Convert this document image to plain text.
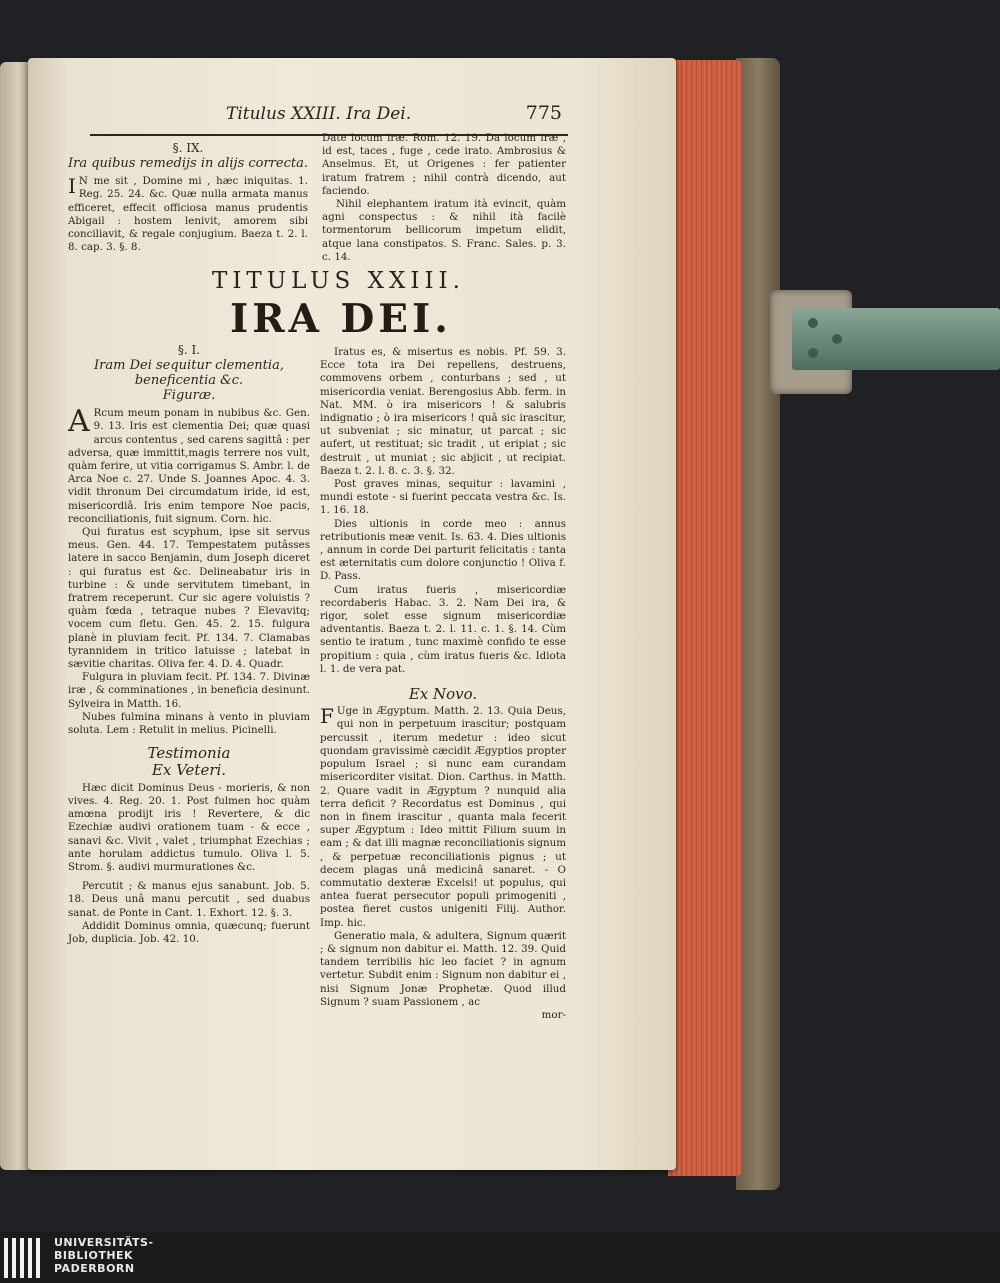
Titulus XXIII. Ira Dei.	775
§. IX.
Ira quibus remedijs in alijs correcta.

I N me sit , Domine mi , hæc iniquitas. 1. Reg. 25. 24. &c. Quæ nulla armata manus efficeret, effecit officiosa manus prudentis Abigail : hostem lenivit, amorem sibi conciliavit, & regale conjugium. Baeza t. 2. l. 8. cap. 3. §. 8.

Date locum iræ. Rom. 12. 19. Da locum iræ , id est, taces , fuge , cede irato. Ambrosius & Anselmus. Et, ut Origenes : fer patienter iratum fratrem ; nihil contrà dicendo, aut faciendo.

Nihil elephantem iratum ità evincit, quàm agni conspectus : & nihil ità facilè tormentorum bellicorum impetum elidit, atque lana constipatos. S. Franc. Sales. p. 3. c. 14.

TITULUS XXIII.
IRA DEI.
§. I.
Iram Dei sequitur clementia, beneficentia &c.
Figuræ.

A Rcum meum ponam in nubibus &c. Gen. 9. 13. Iris est clementia Dei; quæ quasi arcus contentus , sed carens sagittâ : per adversa, quæ immittit,magis terrere nos vult, quàm ferire, ut vitia corrigamus S. Ambr. l. de Arca Noe c. 27. Unde S. Joannes Apoc. 4. 3. vidit thronum Dei circumdatum iride, id est, misericordiâ. Iris enim tempore Noe pacis, reconciliationis, fuit signum. Corn. hic.

Qui furatus est scyphum, ipse sit servus meus. Gen. 44. 17. Tempestatem putâsses latere in sacco Benjamin, dum Joseph diceret : qui furatus est &c. Delineabatur iris in turbine : & unde servitutem timebant, in fratrem receperunt. Cur sic agere voluistis ? quàm fœda , tetraque nubes ? Elevavitq; vocem cum fletu. Gen. 45. 2. 15. fulgura planè in pluviam fecit. Pf. 134. 7. Clamabas tyrannidem in tritico latuisse ; latebat in sævitie charitas. Oliva fer. 4. D. 4. Quadr.

Fulgura in pluviam fecit. Pf. 134. 7. Divinæ iræ , & comminationes , in beneficia desinunt. Sylveira in Matth. 16.

Nubes fulmina minans à vento in pluviam soluta. Lem : Retulit in melius. Picinelli.

Testimonia
Ex Veteri.

Hæc dicit Dominus Deus - morieris, & non vives. 4. Reg. 20. 1. Post fulmen hoc quàm amœna prodijt iris ! Revertere, & dic Ezechiæ audivi orationem tuam - & ecce , sanavi &c. Vivit , valet , triumphat Ezechias ; ante horulam addictus tumulo. Oliva l. 5. Strom. §. audivi murmurationes &c.

Percutit ; & manus ejus sanabunt. Job. 5. 18. Deus unâ manu percutit , sed duabus sanat. de Ponte in Cant. 1. Exhort. 12. §. 3.

Addidit Dominus omnia, quæcunq; fuerunt Job, duplicia. Job. 42. 10.

Iratus es, & misertus es nobis. Pf. 59. 3. Ecce tota ira Dei repellens, destruens, commovens orbem , conturbans ; sed , ut misericordia veniat. Berengosius Abb. ferm. in Nat. MM. ò ira misericors ! & salubris indignatio ; ò ira misericors ! quâ sic irascitur, ut subveniat ; sic minatur, ut parcat ; sic aufert, ut restituat; sic tradit , ut eripiat ; sic destruit , ut muniat ; sic abjicit , ut recipiat. Baeza t. 2. l. 8. c. 3. §. 32.

Post graves minas, sequitur : lavamini , mundi estote - si fuerint peccata vestra &c. Is. 1. 16. 18.

Dies ultionis in corde meo : annus retributionis meæ venit. Is. 63. 4. Dies ultionis , annum in corde Dei parturit felicitatis : tanta est æternitatis cum dolore conjunctio ! Oliva f. D. Pass.

Cum iratus fueris , misericordiæ recordaberis Habac. 3. 2. Nam Dei ira, & rigor, solet esse signum misericordiæ adventantis. Baeza t. 2. l. 11. c. 1. §. 14. Cùm sentio te iratum , tunc maximè confido te esse propitium : quia , cùm iratus fueris &c. Idiota l. 1. de vera pat.

Ex Novo.

F Uge in Ægyptum. Matth. 2. 13. Quia Deus, qui non in perpetuum irascitur; postquam percussit , iterum medetur : ideo sicut quondam gravissimè cæcidit Ægyptios propter populum Israel ; si nunc eam curandam misericorditer visitat. Dion. Carthus. in Matth. 2. Quare vadit in Ægyptum ? nunquid alia terra deficit ? Recordatus est Dominus , qui non in finem irascitur , quanta mala fecerit super Ægyptum : Ideo mittit Filium suum in eam ; & dat illi magnæ reconciliationis signum , & perpetuæ reconciliationis pignus ; ut decem plagas unâ medicinâ sanaret. - O commutatio dexteræ Excelsi! ut populus, qui antea fuerat persecutor populi primogeniti , postea fieret custos unigeniti Filij. Author. Imp. hic.

Generatio mala, & adultera, Signum quærit ; & signum non dabitur ei. Matth. 12. 39. Quid tandem terribilis hic leo faciet ? in agnum vertetur. Subdit enim : Signum non dabitur ei , nisi Signum Jonæ Prophetæ. Quod illud Signum ? suam Passionem , ac

mor-

UNIVERSITÄTS-
BIBLIOTHEK
PADERBORN
